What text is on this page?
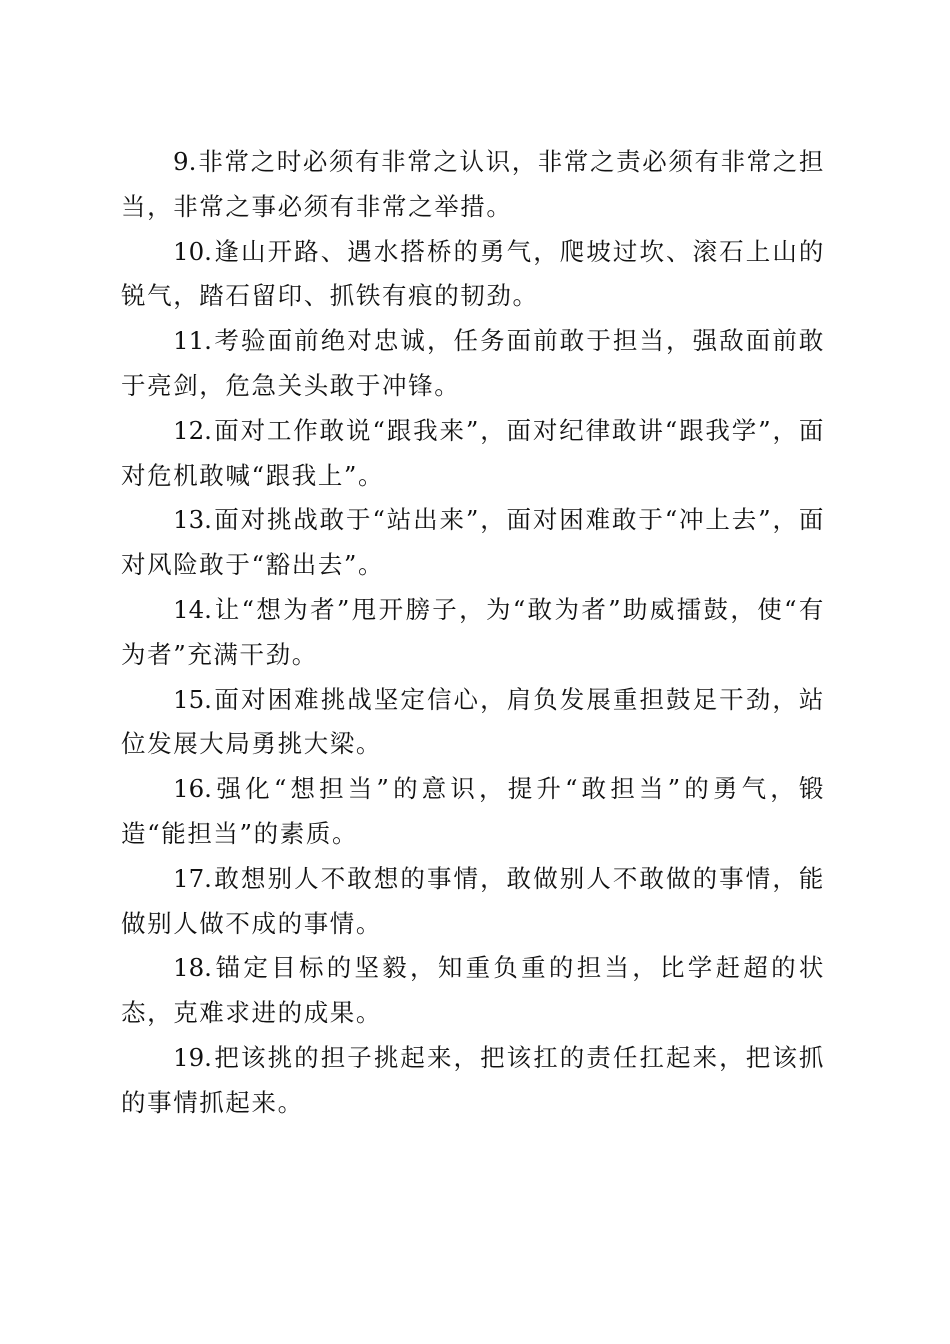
9.非常之时必须有非常之认识，非常之责必须有非常之担当，非常之事必须有非常之举措。

10.逢山开路、遇水搭桥的勇气，爬坡过坎、滚石上山的锐气，踏石留印、抓铁有痕的韧劲。

11.考验面前绝对忠诚，任务面前敢于担当，强敌面前敢于亮剑，危急关头敢于冲锋。

12.面对工作敢说“跟我来”，面对纪律敢讲“跟我学”，面对危机敢喊“跟我上”。

13.面对挑战敢于“站出来”，面对困难敢于“冲上去”，面对风险敢于“豁出去”。

14.让“想为者”甩开膀子，为“敢为者”助威擂鼓，使“有为者”充满干劲。

15.面对困难挑战坚定信心，肩负发展重担鼓足干劲，站位发展大局勇挑大梁。

16.强化“想担当”的意识，提升“敢担当”的勇气，锻造“能担当”的素质。

17.敢想别人不敢想的事情，敢做别人不敢做的事情，能做别人做不成的事情。

18.锚定目标的坚毅，知重负重的担当，比学赶超的状态，克难求进的成果。

19.把该挑的担子挑起来，把该扛的责任扛起来，把该抓的事情抓起来。
